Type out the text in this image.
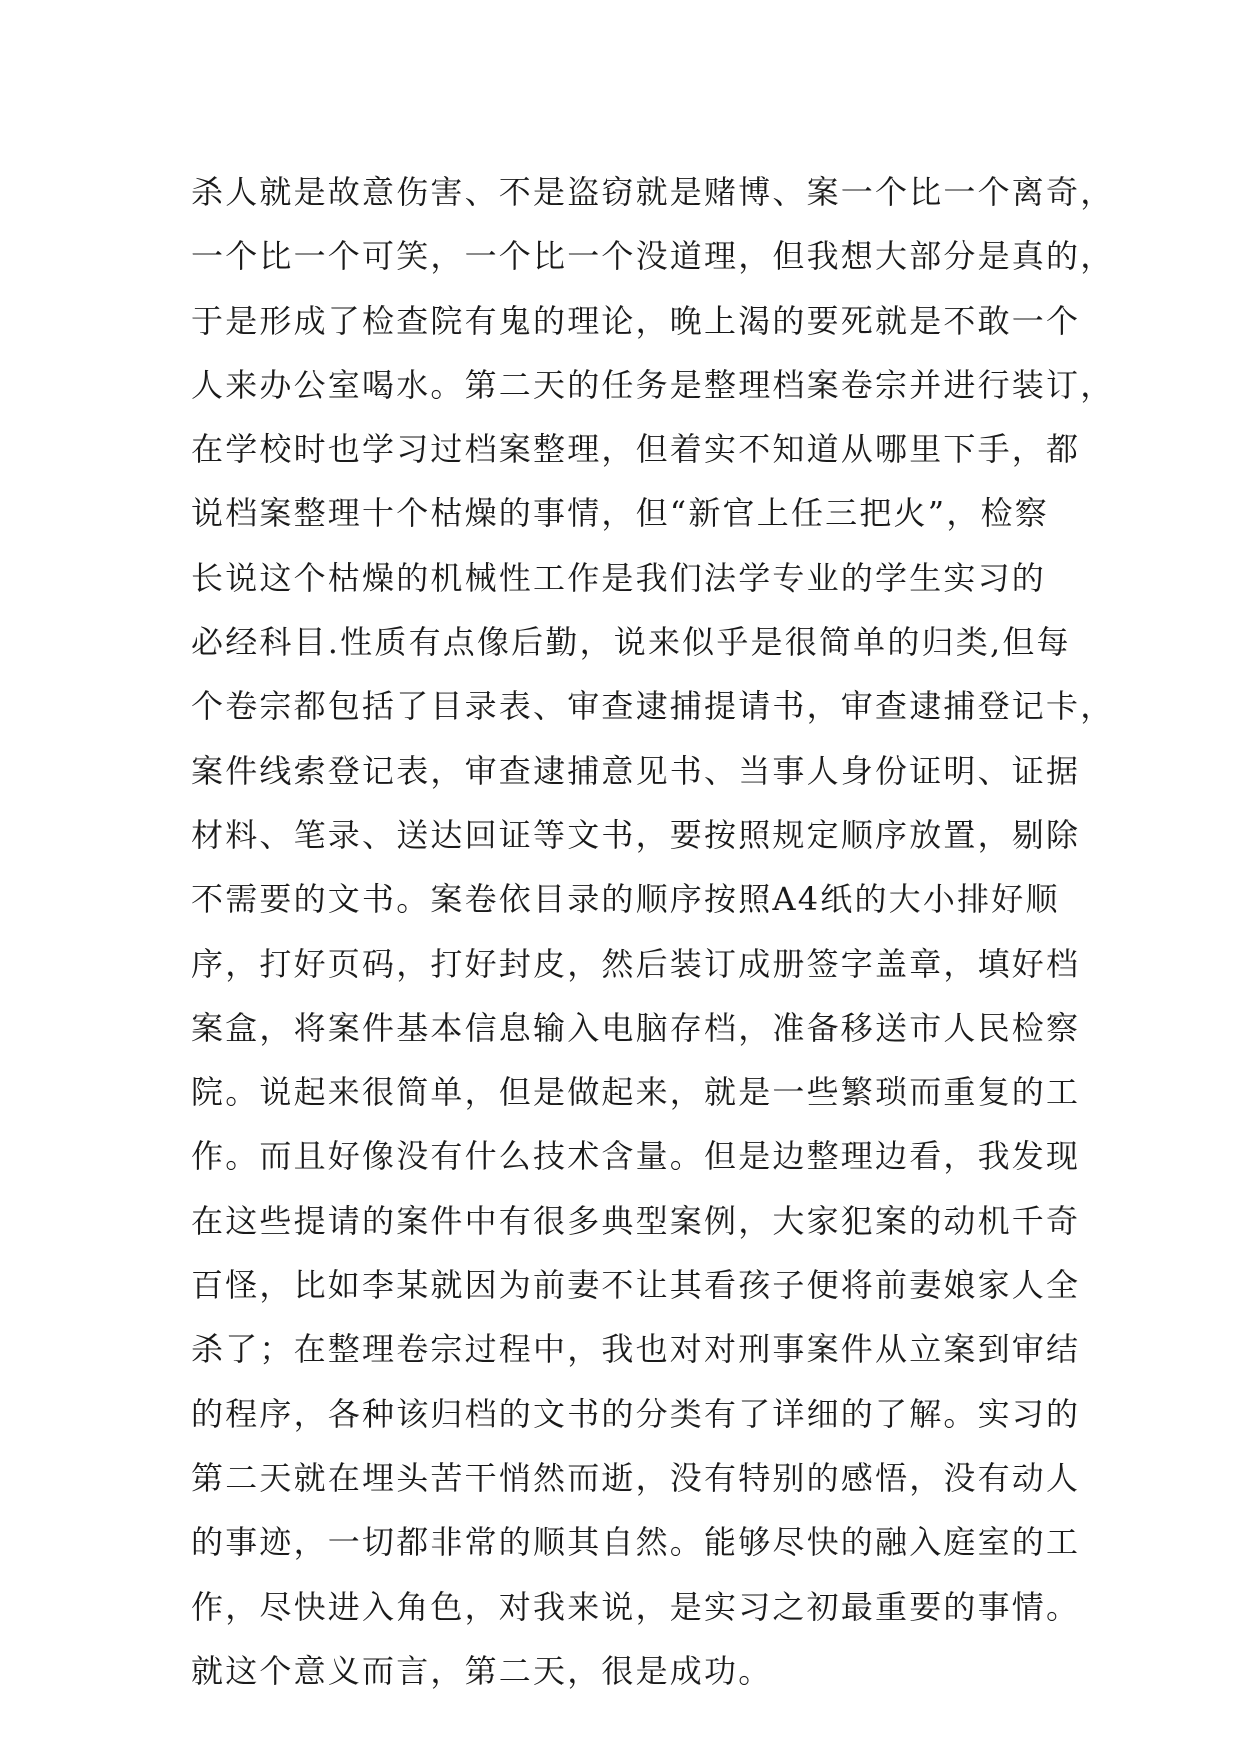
杀人就是故意伤害、不是盗窃就是赌博、案一个比一个离奇，
一个比一个可笑，一个比一个没道理，但我想大部分是真的，
于是形成了检查院有鬼的理论，晚上渴的要死就是不敢一个
人来办公室喝水。第二天的任务是整理档案卷宗并进行装订，
在学校时也学习过档案整理，但着实不知道从哪里下手，都
说档案整理十个枯燥的事情，但“新官上任三把火”，检察
长说这个枯燥的机械性工作是我们法学专业的学生实习的
必经科目.性质有点像后勤，说来似乎是很简单的归类,但每
个卷宗都包括了目录表、审查逮捕提请书，审查逮捕登记卡，
案件线索登记表，审查逮捕意见书、当事人身份证明、证据
材料、笔录、送达回证等文书，要按照规定顺序放置，剔除
不需要的文书。案卷依目录的顺序按照A4纸的大小排好顺
序，打好页码，打好封皮，然后装订成册签字盖章，填好档
案盒，将案件基本信息输入电脑存档，准备移送市人民检察
院。说起来很简单，但是做起来，就是一些繁琐而重复的工
作。而且好像没有什么技术含量。但是边整理边看，我发现
在这些提请的案件中有很多典型案例，大家犯案的动机千奇
百怪，比如李某就因为前妻不让其看孩子便将前妻娘家人全
杀了；在整理卷宗过程中，我也对对刑事案件从立案到审结
的程序，各种该归档的文书的分类有了详细的了解。实习的
第二天就在埋头苦干悄然而逝，没有特别的感悟，没有动人
的事迹，一切都非常的顺其自然。能够尽快的融入庭室的工
作，尽快进入角色，对我来说，是实习之初最重要的事情。
就这个意义而言，第二天，很是成功。
